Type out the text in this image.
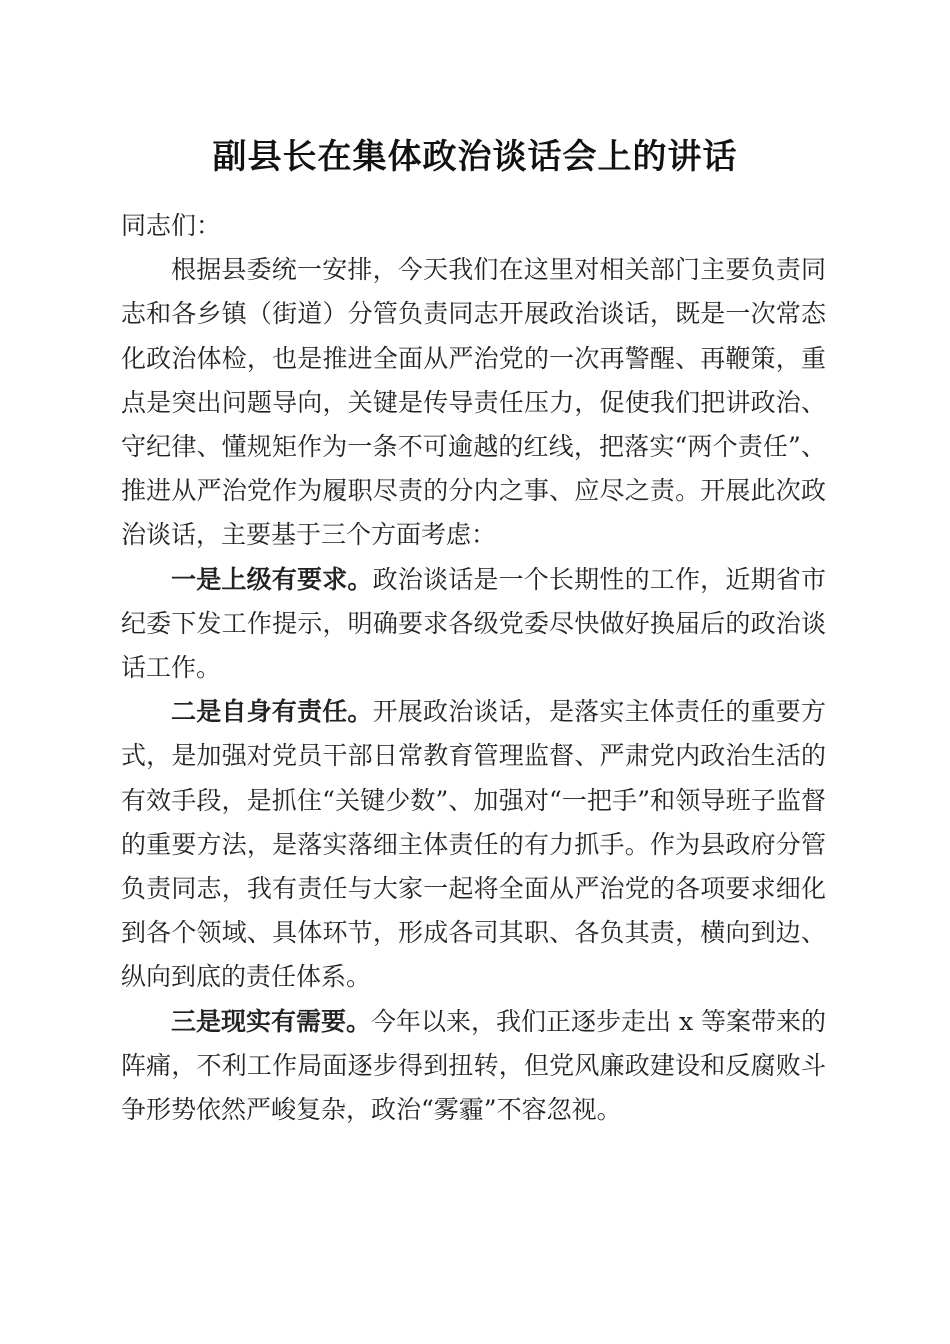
副县长在集体政治谈话会上的讲话

同志们：

根据县委统一安排，今天我们在这里对相关部门主要负责同志和各乡镇（街道）分管负责同志开展政治谈话，既是一次常态化政治体检，也是推进全面从严治党的一次再警醒、再鞭策，重点是突出问题导向，关键是传导责任压力，促使我们把讲政治、守纪律、懂规矩作为一条不可逾越的红线，把落实“两个责任”、推进从严治党作为履职尽责的分内之事、应尽之责。开展此次政治谈话，主要基于三个方面考虑：

一是上级有要求。政治谈话是一个长期性的工作，近期省市纪委下发工作提示，明确要求各级党委尽快做好换届后的政治谈话工作。

二是自身有责任。开展政治谈话，是落实主体责任的重要方式，是加强对党员干部日常教育管理监督、严肃党内政治生活的有效手段，是抓住“关键少数”、加强对“一把手”和领导班子监督的重要方法，是落实落细主体责任的有力抓手。作为县政府分管负责同志，我有责任与大家一起将全面从严治党的各项要求细化到各个领域、具体环节，形成各司其职、各负其责，横向到边、纵向到底的责任体系。

三是现实有需要。今年以来，我们正逐步走出 x 等案带来的阵痛，不利工作局面逐步得到扭转，但党风廉政建设和反腐败斗争形势依然严峻复杂，政治“雾霾”不容忽视。
